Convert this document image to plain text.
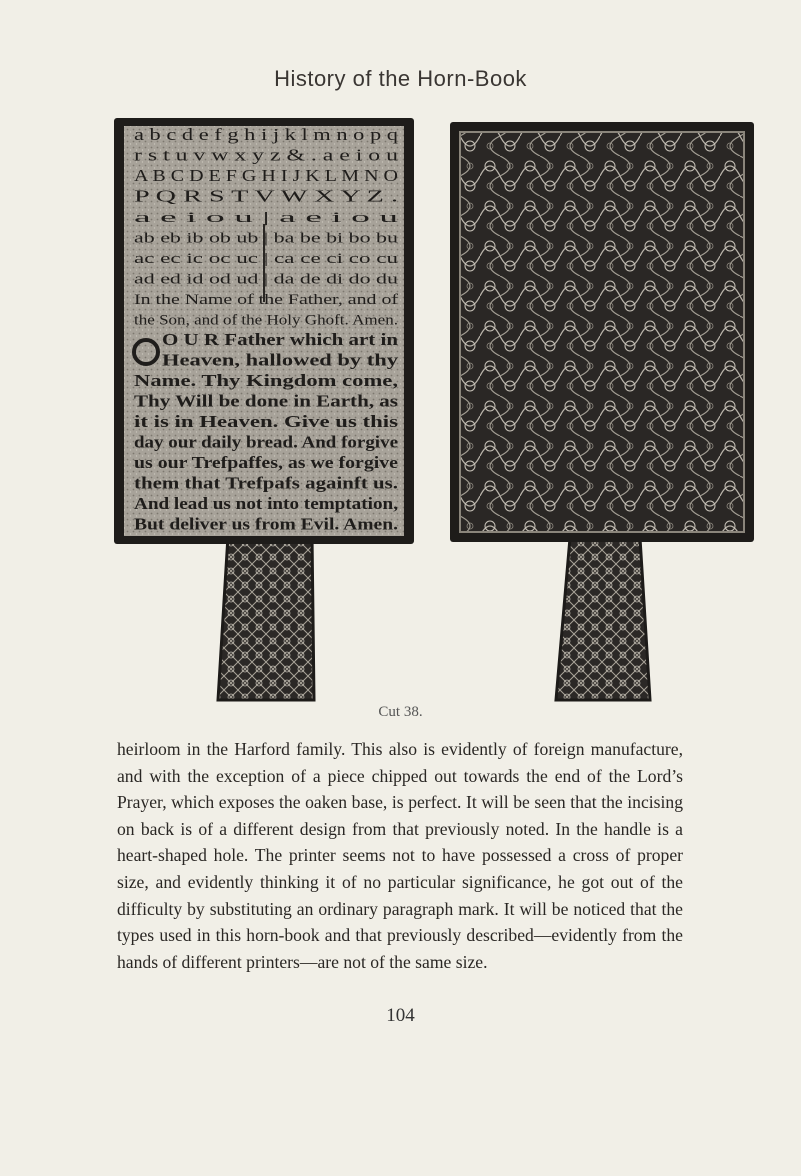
History of the Horn-Book
a b c d e f g h i j k l m n o p q
r s t u v w x y z & . a e i o u
A B C D E F G H I J K L M N O
P Q R S T V W X Y Z .
a e i o u | a e i o u
ab eb ib ob ub | ba be bi bo bu
ac ec ic oc uc | ca ce ci co cu
ad ed id od ud | da de di do du
In the Name of the Father, and of
the Son, and of the Holy Ghoft. Amen.
O U R Father which art in
Heaven, hallowed by thy
Name. Thy Kingdom come,
Thy Will be done in Earth, as
it is in Heaven. Give us this
day our daily bread. And forgive
us our Trefpaffes, as we forgive
them that Trefpafs againft us.
And lead us not into temptation,
But deliver us from Evil. Amen.
Cut 38.

heirloom in the Harford family. This also is evidently of foreign manufacture, and with the exception of a piece chipped out towards the end of the Lord’s Prayer, which exposes the oaken base, is perfect. It will be seen that the incising on back is of a different design from that previously noted. In the handle is a heart-shaped hole. The printer seems not to have possessed a cross of proper size, and evidently thinking it of no particular significance, he got out of the difficulty by substituting an ordinary paragraph mark. It will be noticed that the types used in this horn-book and that previously described—evidently from the hands of different printers—are not of the same size.

104
